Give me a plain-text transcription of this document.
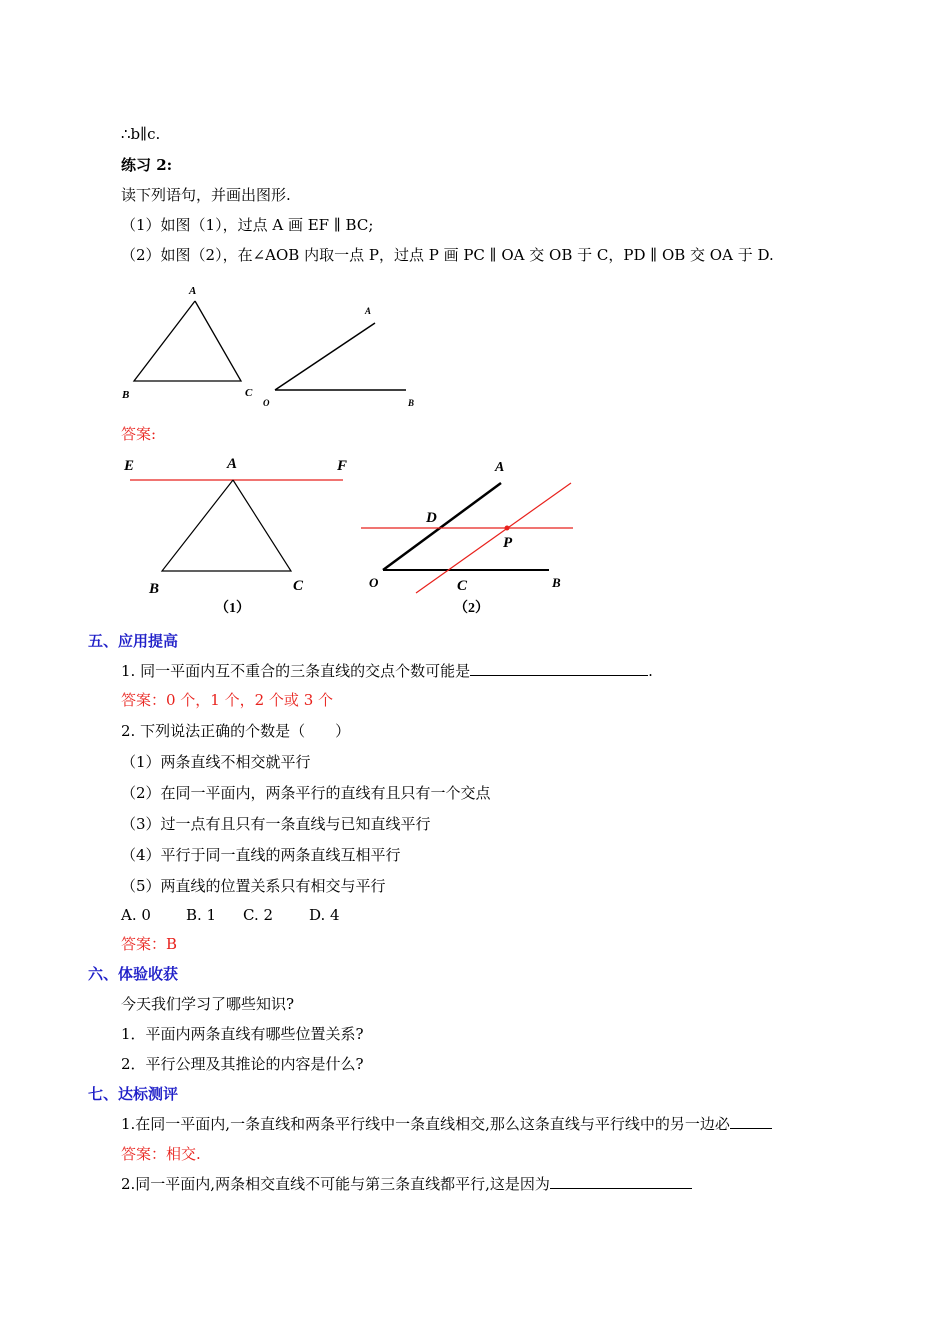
∴b∥c.
练习 2:
读下列语句，并画出图形.
（1）如图（1），过点 A 画 EF ∥ BC;
（2）如图（2），在∠AOB 内取一点 P，过点 P 画 PC ∥ OA 交 OB 于 C，PD ∥ OB 交 OA 于 D.
A
B	C
A
O	B
答案:
E	A	F
B	C
（1）
A
D
P
O	C	B
（2）
五、应用提高
1. 同一平面内互不重合的三条直线的交点个数可能是	.
答案：0 个，1 个，2 个或 3 个
2. 下列说法正确的个数是（　　）
（1）两条直线不相交就平行
（2）在同一平面内，两条平行的直线有且只有一个交点
（3）过一点有且只有一条直线与已知直线平行
（4）平行于同一直线的两条直线互相平行
（5）两直线的位置关系只有相交与平行
A. 0 B. 1 C. 2 D. 4
答案：B
六、体验收获
今天我们学习了哪些知识?
1．平面内两条直线有哪些位置关系?
2．平行公理及其推论的内容是什么?
七、达标测评
1.在同一平面内,一条直线和两条平行线中一条直线相交,那么这条直线与平行线中的另一边必
答案：相交.
2.同一平面内,两条相交直线不可能与第三条直线都平行,这是因为
